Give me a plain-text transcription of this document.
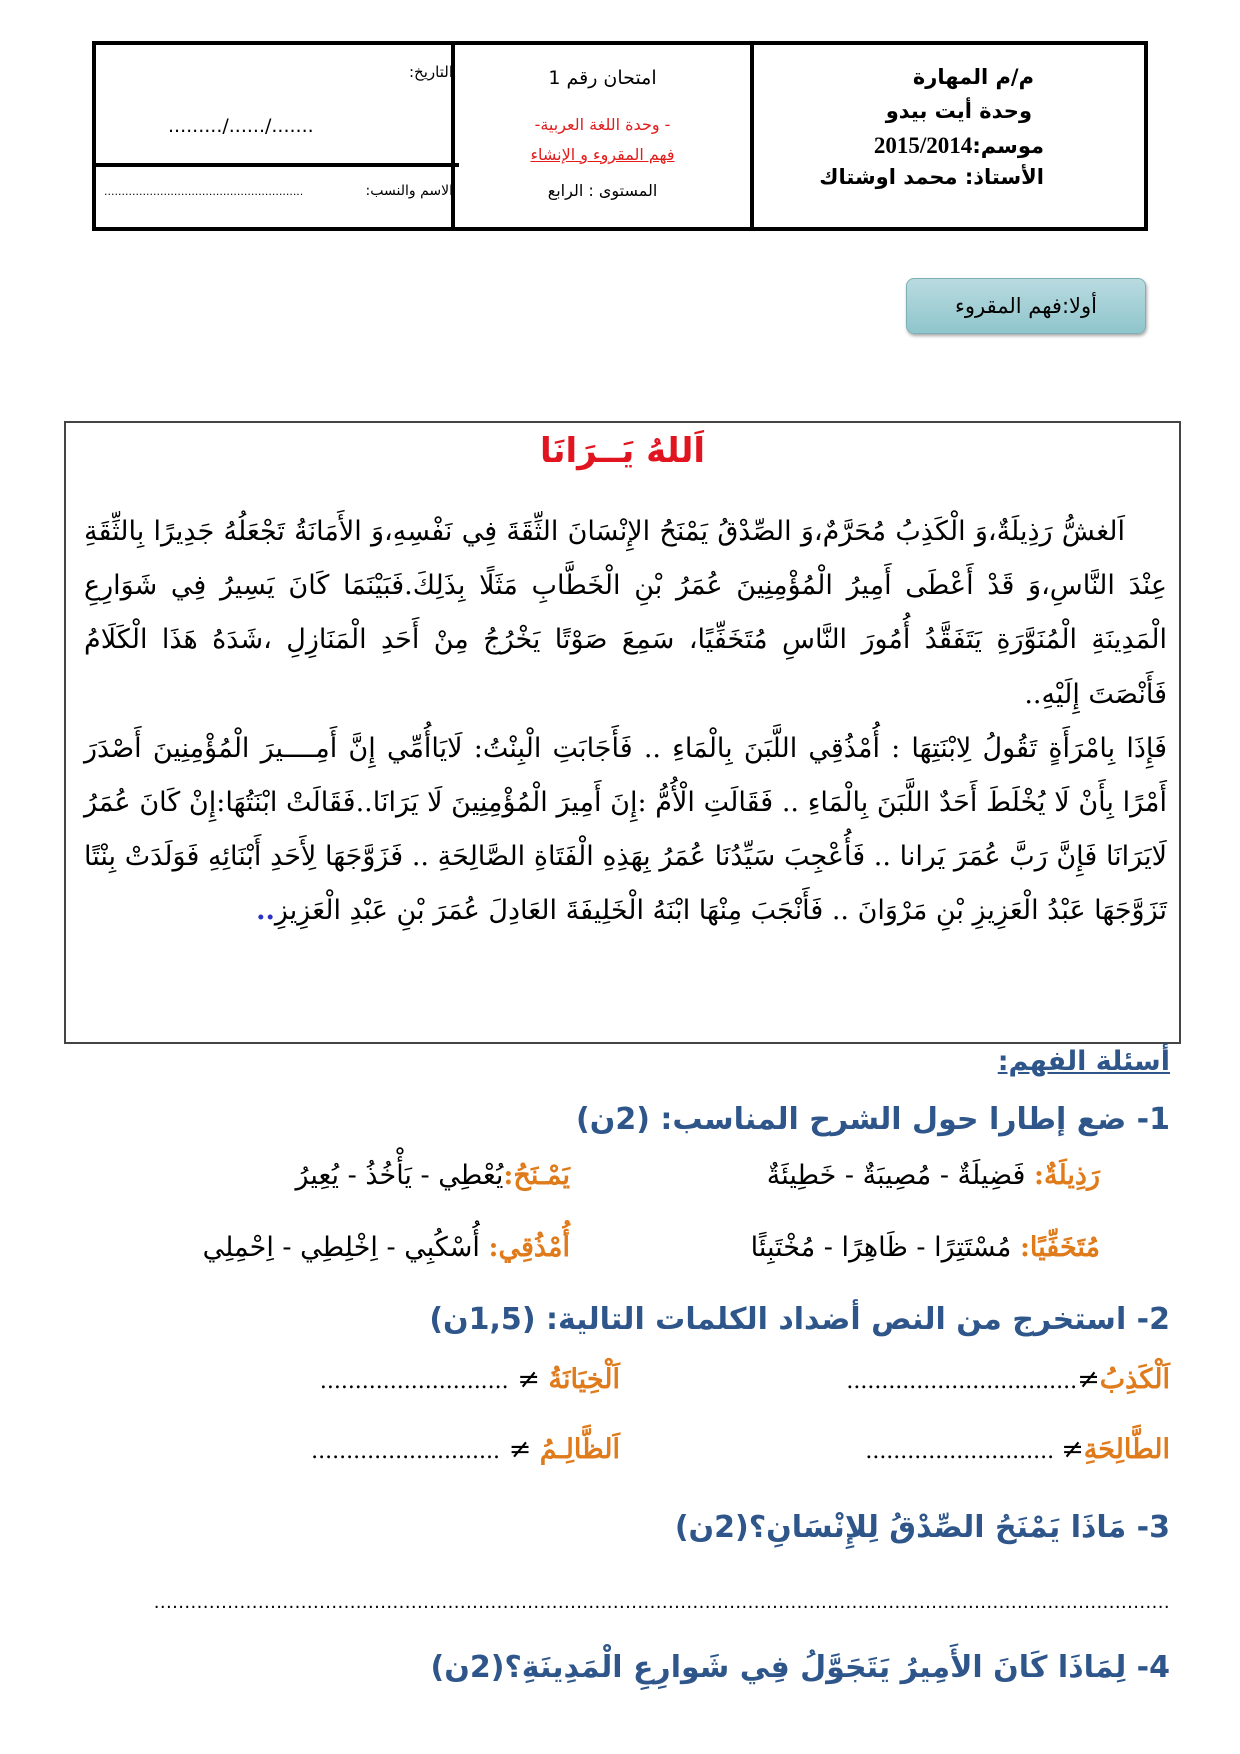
م/م المهارة
وحدة أيت بيدو
موسم:2015/2014
الأستاذ: محمد اوشتاك
امتحان رقم 1
- وحدة اللغة العربية-
فهم المقروء و الإنشاء
المستوى : الرابع
التاريخ:
........./....../.......
الاسم والنسب:
.........................................................
أولا:فهم المقروء
اَللهُ يَــرَانَا

اَلغشُّ رَذِيلَةٌ،وَ الْكَذِبُ مُحَرَّمٌ،وَ الصِّدْقُ يَمْنَحُ الإِنْسَانَ الثِّقَةَ فِي نَفْسِهِ،وَ الأَمَانَةُ تَجْعَلُهُ جَدِيرًا بِالثِّقَةِ عِنْدَ النَّاسِ،وَ قَدْ أَعْطَى أَمِيرُ الْمُؤْمِنِينَ عُمَرُ بْنِ الْخَطَّابِ مَثَلًا بِذَلِكَ.فَبَيْنَمَا كَانَ يَسِيرُ فِي شَوَارِعِ الْمَدِينَةِ الْمُنَوَّرَةِ يَتَفَقَّدُ أُمُورَ النَّاسِ مُتَخَفِّيًا، سَمِعَ صَوْتًا يَخْرُجُ مِنْ أَحَدِ الْمَنَازِلِ ،شَدَهُ هَذَا الْكَلَامُ فَأَنْصَتَ إِلَيْهِ..

فَإِذَا بِامْرَأَةٍ تَقُولُ لِابْنَتِهَا : أُمْذُقِي اللَّبَنَ بِالْمَاءِ .. فَأَجَابَتِ الْبِنْتُ: لَايَاأُمِّي إِنَّ أَمِــــيرَ الْمُؤْمِنِينَ أَصْدَرَ أَمْرًا بِأَنْ لَا يُخْلَطَ أَحَدٌ اللَّبَنَ بِالْمَاءِ .. فَقَالَتِ الْأُمُّ :إِنَ أَمِيرَ الْمُؤْمِنِينَ لَا يَرَانَا..فَقَالَتْ ابْنَتُهَا:إِنْ كَانَ عُمَرُ لَايَرَانَا فَإِنَّ رَبَّ عُمَرَ يَرانا .. فَأُعْجِبَ سَيِّدُنَا عُمَرُ بِهَذِهِ الْفَتَاةِ الصَّالِحَةِ .. فَزَوَّجَهَا لِأَحَدِ أَبْنَائِهِ فَوَلَدَتْ بِنْتًا تَزَوَّجَهَا عَبْدُ الْعَزِيزِ بْنِ مَرْوَانَ .. فَأَنْجَبَ مِنْهَا ابْنَهُ الْخَلِيفَةَ العَادِلَ عُمَرَ بْنِ عَبْدِ الْعَزِيزِ..

أسئلة الفهم:
1- ضع إطارا حول الشرح المناسب: (2ن)
رَذِيلَةٌ: فَضِيلَةٌ - مُصِيبَةٌ - خَطِيئَةٌ
يَمْـنَحُ:يُعْطِي - يَأْخُذُ - يُعِيرُ
مُتَخَفِّيًا: مُسْتَتِرًا - ظَاهِرًا - مُخْتَبِئًا
أُمْذُقِي: أُسْكُبِي - اِخْلِطِي - اِحْمِلِي
2- استخرج من النص أضداد الكلمات التالية: (1,5ن)
اَلْكَذِبُ≠.................................
اَلْخِيَانَةُ ≠ ...........................
الطَّالِحَةِ≠ ...........................
اَلظَّالِـمُ ≠ ...........................
3- مَاذَا يَمْنَحُ الصِّدْقُ لِلإِنْسَانِ؟(2ن)
......................................................................................................................................................................
4- لِمَاذَا كَانَ الأَمِيرُ يَتَجَوَّلُ فِي شَوارِعِ الْمَدِينَةِ؟(2ن)
